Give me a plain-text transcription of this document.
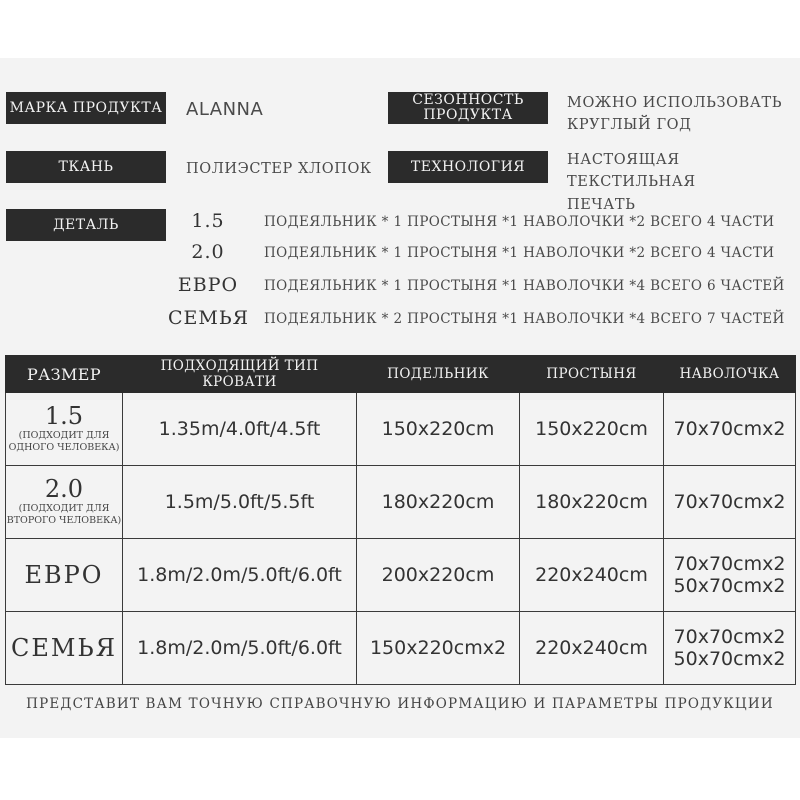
МАРКА ПРОДУКТА ALANNA	СЕЗОННОСТЬ ПРОДУКТА
МОЖНО ИСПОЛЬЗОВАТЬ
КРУГЛЫЙ ГОД
ТКАНЬ	ПОЛИЭСТЕР ХЛОПОК	ТЕХНОЛОГИЯ	НАСТОЯЩАЯ ТЕКСТИЛЬНАЯ
ПЕЧАТЬ
ДЕТАЛЬ	1.5	ПОДЕЯЛЬНИК * 1 ПРОСТЫНЯ *1 НАВОЛОЧКИ *2 ВСЕГО 4 ЧАСТИ
2.0	ПОДЕЯЛЬНИК * 1 ПРОСТЫНЯ *1 НАВОЛОЧКИ *2 ВСЕГО 4 ЧАСТИ
ЕВРО	ПОДЕЯЛЬНИК * 1 ПРОСТЫНЯ *1 НАВОЛОЧКИ *4 ВСЕГО 6 ЧАСТЕЙ
СЕМЬЯ ПОДЕЯЛЬНИК * 2 ПРОСТЫНЯ *1 НАВОЛОЧКИ *4 ВСЕГО 7 ЧАСТЕЙ
РАЗМЕР	ПОДХОДЯЩИЙ ТИП КРОВАТИ	ПОДЕЛЬНИК	ПРОСТЫНЯ	НАВОЛОЧКА

1.5
(ПОДХОДИТ ДЛЯ
ОДНОГО ЧЕЛОВЕКА)	1.35m/4.0ft/4.5ft	150x220cm	150x220cm	70x70cmx2

2.0
(ПОДХОДИТ ДЛЯ
ВТОРОГО ЧЕЛОВЕКА)	1.5m/5.0ft/5.5ft	180x220cm	180x220cm	70x70cmx2

ЕВРО	1.8m/2.0m/5.0ft/6.0ft	200x220cm	220x240cm	70x70cmx2
50x70cmx2

СЕМЬЯ	1.8m/2.0m/5.0ft/6.0ft	150x220cmx2	220x240cm	70x70cmx2
50x70cmx2
ПРЕДСТАВИТ ВАМ ТОЧНУЮ СПРАВОЧНУЮ ИНФОРМАЦИЮ И ПАРАМЕТРЫ ПРОДУКЦИИ
